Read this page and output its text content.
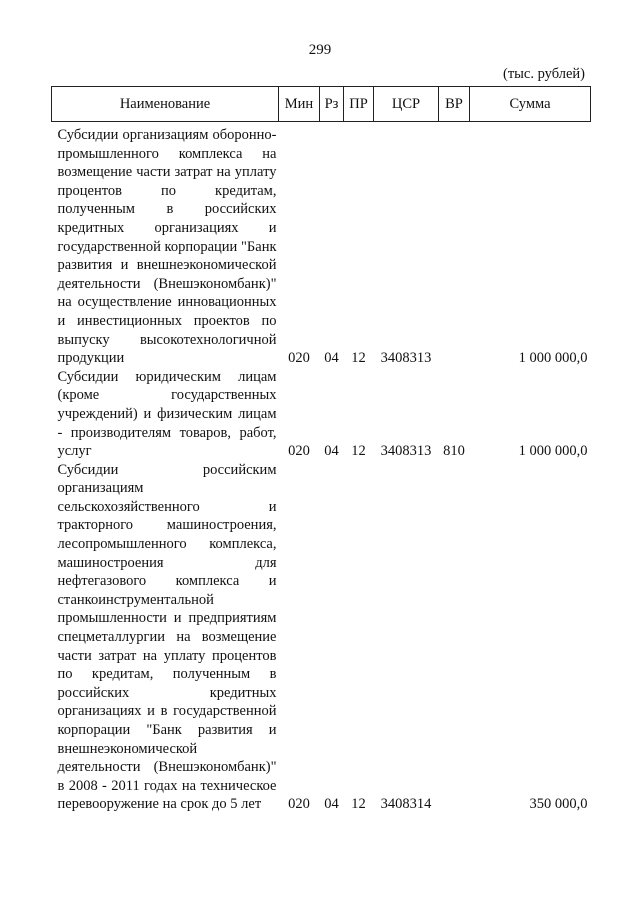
299
(тыс. рублей)
Наименование	Мин	Рз	ПР	ЦСР	ВР	Сумма

Субсидии организациям оборонно-промышленного комплекса на возмещение части затрат на уплату процентов по кредитам, полученным в российских кредитных организациях и государственной корпорации "Банк развития и внешнеэкономической деятельности (Внешэкономбанк)" на осуществление инновационных и инвестиционных проектов по выпуску высокотехнологичной продукции	020	04	12	3408313		1 000 000,0
Субсидии юридическим лицам (кроме государственных учреждений) и физическим лицам - производителям товаров, работ, услуг	020	04	12	3408313	810	1 000 000,0
Субсидии российским организациям сельскохозяйственного и тракторного машиностроения, лесопромышленного комплекса, машиностроения для нефтегазового комплекса и станкоинструментальной промышленности и предприятиям спецметаллургии на возмещение части затрат на уплату процентов по кредитам, полученным в российских кредитных организациях и в государственной корпорации "Банк развития и внешнеэкономической деятельности (Внешэкономбанк)" в 2008 - 2011 годах на техническое перевооружение на срок до 5 лет	020	04	12	3408314		350 000,0
